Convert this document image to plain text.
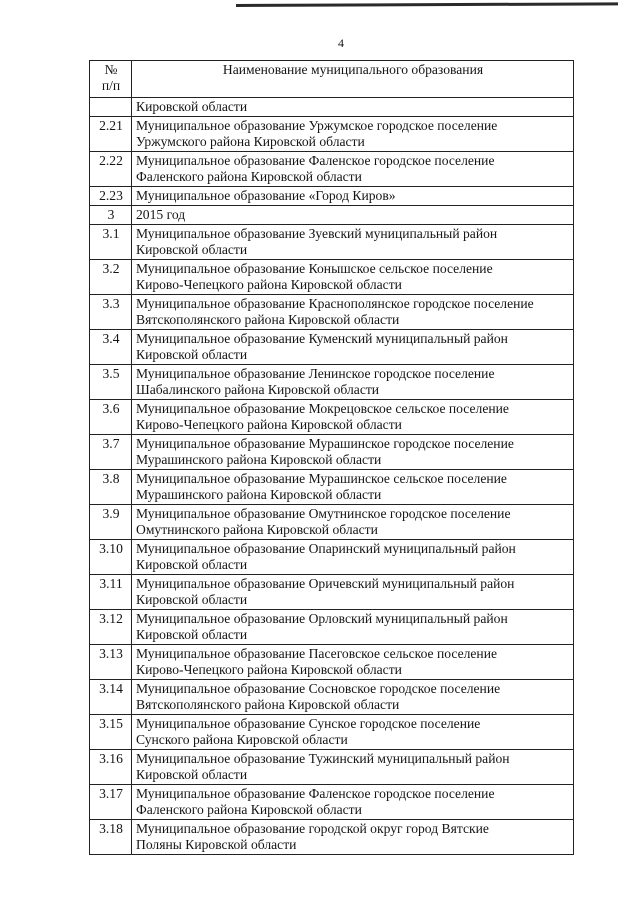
4
№
п/п	Наименование муниципального образования

	Кировской области

2.21	Муниципальное образование Уржумское городское поселение
Уржумского района Кировской области

2.22	Муниципальное образование Фаленское городское поселение
Фаленского района Кировской области

2.23	Муниципальное образование «Город Киров»

3	2015 год

3.1	Муниципальное образование Зуевский муниципальный район
Кировской области

3.2	Муниципальное образование Конышское сельское поселение
Кирово-Чепецкого района Кировской области

3.3	Муниципальное образование Краснополянское городское поселение
Вятскополянского района Кировской области

3.4	Муниципальное образование Куменский муниципальный район
Кировской области

3.5	Муниципальное образование Ленинское городское поселение
Шабалинского района Кировской области

3.6	Муниципальное образование Мокрецовское сельское поселение
Кирово-Чепецкого района Кировской области

3.7	Муниципальное образование Мурашинское городское поселение
Мурашинского района Кировской области

3.8	Муниципальное образование Мурашинское сельское поселение
Мурашинского района Кировской области

3.9	Муниципальное образование Омутнинское городское поселение
Омутнинского района Кировской области

3.10	Муниципальное образование Опаринский муниципальный район
Кировской области

3.11	Муниципальное образование Оричевский муниципальный район
Кировской области

3.12	Муниципальное образование Орловский муниципальный район
Кировской области

3.13	Муниципальное образование Пасеговское сельское поселение
Кирово-Чепецкого района Кировской области

3.14	Муниципальное образование Сосновское городское поселение
Вятскополянского района Кировской области

3.15	Муниципальное образование Сунское городское поселение
Сунского района Кировской области

3.16	Муниципальное образование Тужинский муниципальный район
Кировской области

3.17	Муниципальное образование Фаленское городское поселение
Фаленского района Кировской области

3.18	Муниципальное образование городской округ город Вятские
Поляны Кировской области
